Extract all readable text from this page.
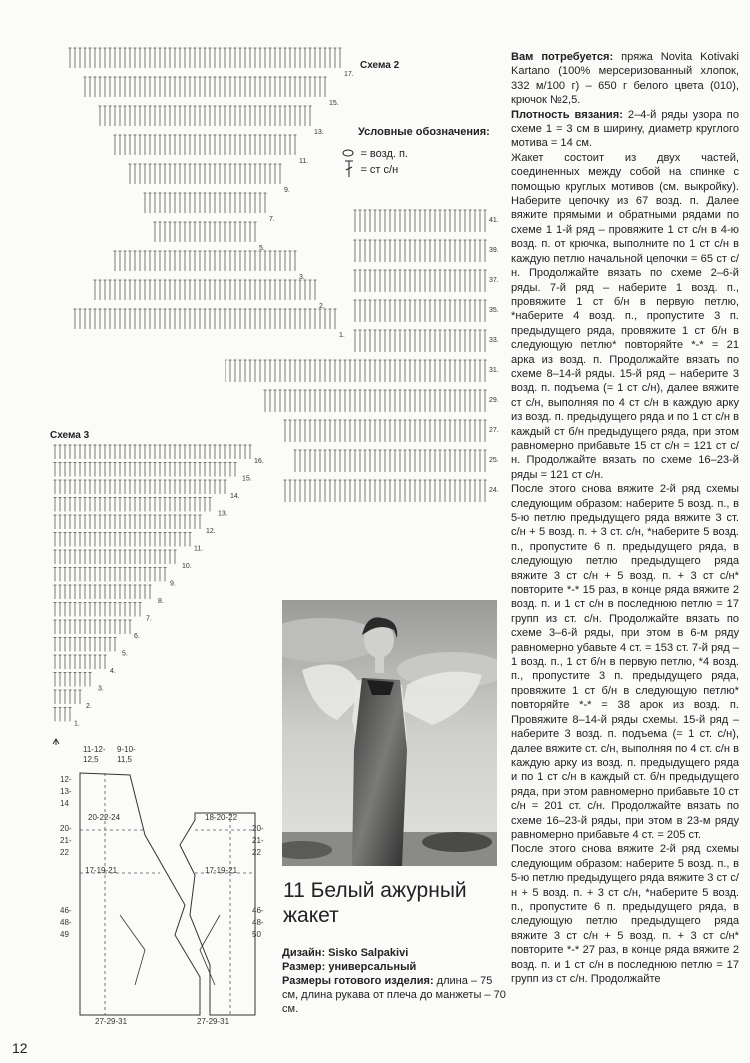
17.
15.
13.
11.
9.
7.
5.
3.
2.
1.
Схема 2
Условные обозначения:
= возд. п.
= ст с/н
41.
39.
37.
35.
33.
31.
29.
27.
25.
24.
Схема 3
16.
15.
14.
13.
12.
11.
10.
9.
8.
7.
6.
5.
4.
3.
2.
1.
11-12-12,5
9-10-11,5
12-
13-
14
20-21-22
46-48-49
20-22-24
17-19-21
18-20-22
17-19-21
20-21-22
46-48-50
27-29-31	27-29-31
11 Белый ажурный жакет
Дизайн: Sisko Salpakivi
Размер: универсальный
Размеры готового изделия: длина – 75 см, длина рукава от плеча до манжеты – 70 см.

Вам потребуется: пряжа Novita Kotivaki Kartano (100% мерсеризованный хлопок, 332 м/100 г) – 650 г белого цвета (010), крючок №2,5.

Плотность вязания: 2–4-й ряды узора по схеме 1 = 3 см в ширину, диаметр круглого мотива = 14 см.

Жакет состоит из двух частей, соединенных между собой на спинке с помощью круглых мотивов (см. выкройку). Наберите цепочку из 67 возд. п. Далее вяжите прямыми и обратными рядами по схеме 1 1-й ряд – провяжите 1 ст с/н в 4-ю возд. п. от крючка, выполните по 1 ст с/н в каждую петлю начальной цепочки = 65 ст с/н. Продолжайте вязать по схеме 2–6-й ряды. 7-й ряд – наберите 1 возд. п., провяжите 1 ст б/н в первую петлю, *наберите 4 возд. п., пропустите 3 п. предыдущего ряда, провяжите 1 ст б/н в следующую петлю* повторяйте *-* = 21 арка из возд. п. Продолжайте вязать по схеме 8–14-й ряды. 15-й ряд – наберите 3 возд. п. подъема (= 1 ст с/н), далее вяжите ст с/н, выполняя по 4 ст с/н в каждую арку из возд. п. предыдущего ряда и по 1 ст с/н в каждый ст б/н предыдущего ряда, при этом равномерно прибавьте 15 ст с/н = 121 ст с/н. Продолжайте вязать по схеме 16–23-й ряды = 121 ст с/н.

После этого снова вяжите 2-й ряд схемы следующим образом: наберите 5 возд. п., в 5-ю петлю предыдущего ряда вяжите 3 ст. с/н + 5 возд. п. + 3 ст. с/н, *наберите 5 возд. п., пропустите 6 п. предыдущего ряда, в следующую петлю предыдущего ряда вяжите 3 ст с/н + 5 возд. п. + 3 ст с/н* повторите *-* 15 раз, в конце ряда вяжите 2 возд. п. и 1 ст с/н в последнюю петлю = 17 групп из ст. с/н. Продолжайте вязать по схеме 3–6-й ряды, при этом в 6-м ряду равномерно убавьте 4 ст. = 153 ст. 7-й ряд – 1 возд. п., 1 ст б/н в первую петлю, *4 возд. п., пропустите 3 п. предыдущего ряда, провяжите 1 ст б/н в следующую петлю* повторяйте *-* = 38 арок из возд. п. Провяжите 8–14-й ряды схемы. 15-й ряд – наберите 3 возд. п. подъема (= 1 ст. с/н), далее вяжите ст. с/н, выполняя по 4 ст. с/н в каждую арку из возд. п. предыдущего ряда и по 1 ст с/н в каждый ст. б/н предыдущего ряда, при этом равномерно прибавьте 10 ст с/н = 201 ст. с/н. Продолжайте вязать по схеме 16–23-й ряды, при этом в 23-м ряду равномерно прибавьте 4 ст. = 205 ст.

После этого снова вяжите 2-й ряд схемы следующим образом: наберите 5 возд. п., в 5-ю петлю предыдущего ряда вяжите 3 ст с/н + 5 возд. п. + 3 ст с/н, *наберите 5 возд. п., пропустите 6 п. предыдущего ряда, в следующую петлю предыдущего ряда вяжите 3 ст с/н + 5 возд. п. + 3 ст с/н* повторите *-* 27 раз, в конце ряда вяжите 2 возд. п. и 1 ст с/н в последнюю петлю = 17 групп из ст с/н. Продолжайте

12
